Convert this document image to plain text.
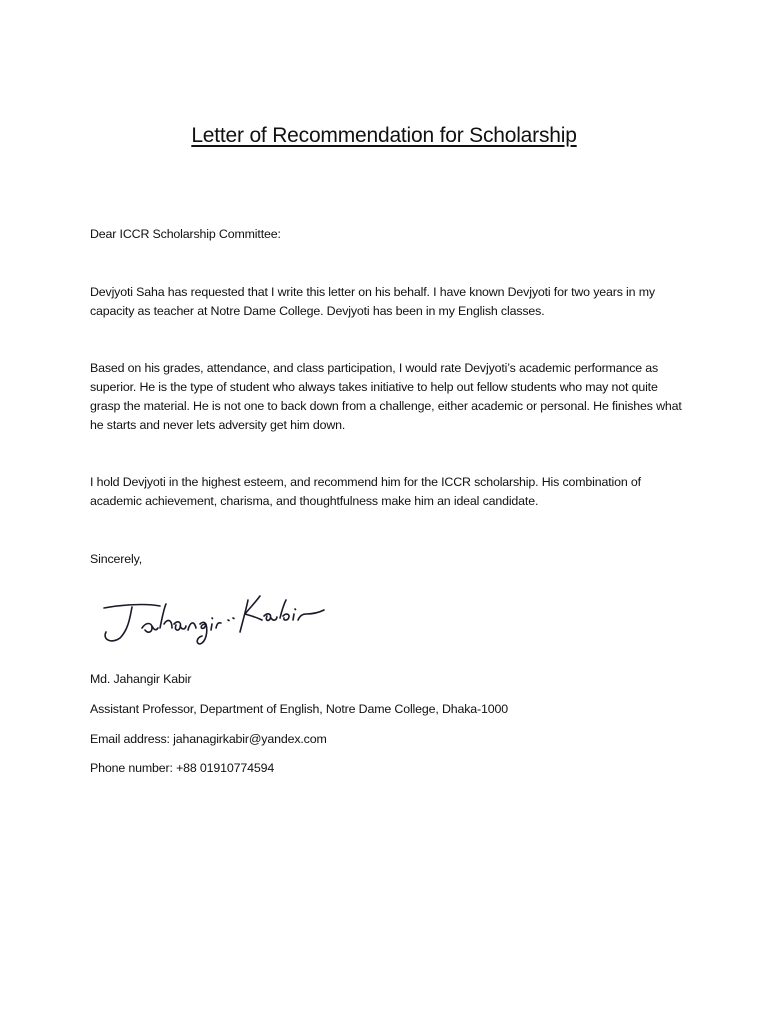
Letter of Recommendation for Scholarship

Dear ICCR Scholarship Committee:

Devjyoti Saha has requested that I write this letter on his behalf. I have known Devjyoti for two years in my capacity as teacher at Notre Dame College. Devjyoti has been in my English classes.

Based on his grades, attendance, and class participation, I would rate Devjyoti’s academic performance as superior. He is the type of student who always takes initiative to help out fellow students who may not quite grasp the material. He is not one to back down from a challenge, either academic or personal. He finishes what he starts and never lets adversity get him down.

I hold Devjyoti in the highest esteem, and recommend him for the ICCR scholarship. His combination of academic achievement, charisma, and thoughtfulness make him an ideal candidate.

Sincerely,

Md. Jahangir Kabir
Assistant Professor, Department of English, Notre Dame College, Dhaka-1000
Email address: jahanagirkabir@yandex.com
Phone number: +88 01910774594
